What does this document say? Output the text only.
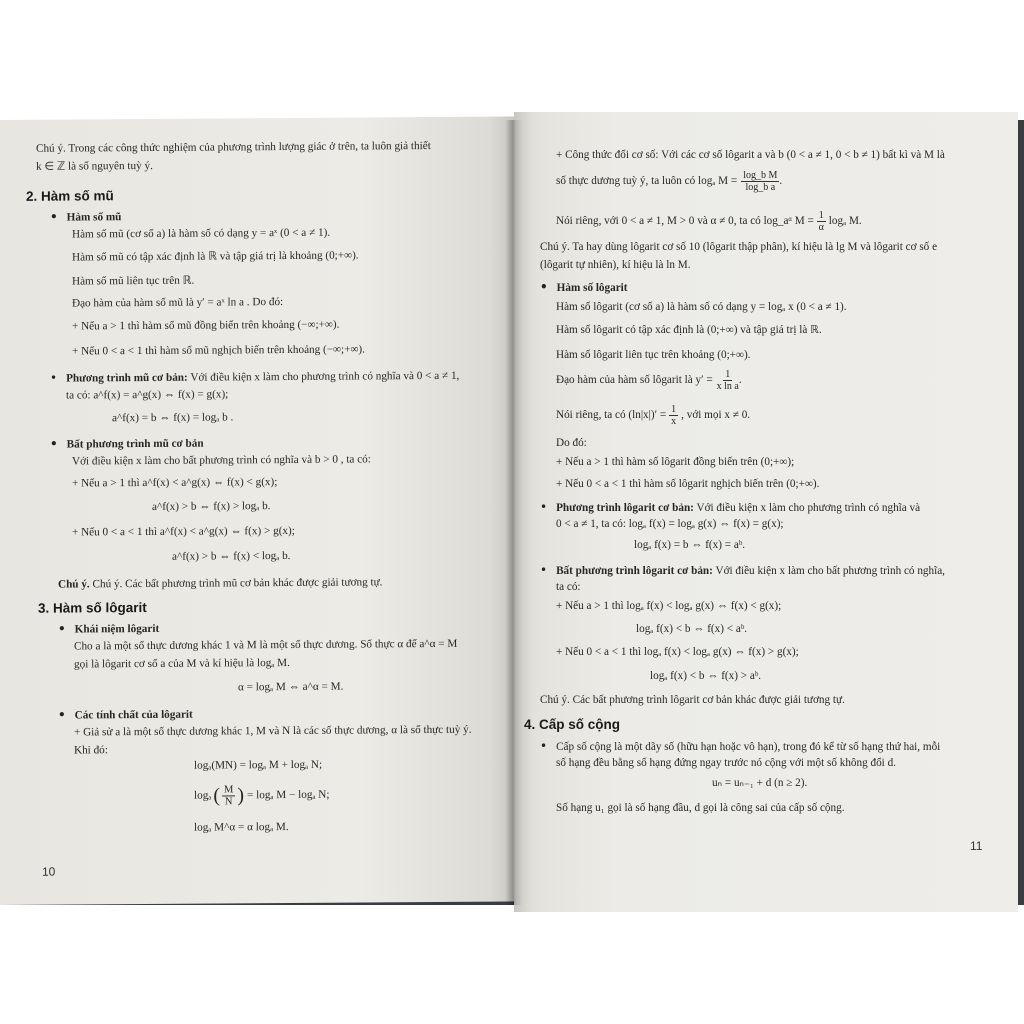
Chú ý. Trong các công thức nghiệm của phương trình lượng giác ở trên, ta luôn giả thiết
k ∈ ℤ là số nguyên tuỳ ý.
2. Hàm số mũ
• Hàm số mũ
Hàm số mũ (cơ số a) là hàm số có dạng y = aˣ (0 < a ≠ 1).
Hàm số mũ có tập xác định là ℝ và tập giá trị là khoảng (0;+∞).
Hàm số mũ liên tục trên ℝ.
Đạo hàm của hàm số mũ là y′ = aˣ ln a . Do đó:
+ Nếu a > 1 thì hàm số mũ đồng biến trên khoảng (−∞;+∞).
+ Nếu 0 < a < 1 thì hàm số mũ nghịch biến trên khoảng (−∞;+∞).
• Phương trình mũ cơ bản: Với điều kiện x làm cho phương trình có nghĩa và 0 < a ≠ 1,
ta có: a^f(x) = a^g(x) ⇔ f(x) = g(x);
a^f(x) = b ⇔ f(x) = logₐ b .
• Bất phương trình mũ cơ bản
Với điều kiện x làm cho bất phương trình có nghĩa và b > 0 , ta có:
+ Nếu a > 1 thì a^f(x) < a^g(x) ⇔ f(x) < g(x);
a^f(x) > b ⇔ f(x) > logₐ b.
+ Nếu 0 < a < 1 thì a^f(x) < a^g(x) ⇔ f(x) > g(x);
a^f(x) > b ⇔ f(x) < logₐ b.
Chú ý. Chú ý. Các bất phương trình mũ cơ bản khác được giải tương tự.
3. Hàm số lôgarit
• Khái niệm lôgarit
Cho a là một số thực dương khác 1 và M là một số thực dương. Số thực α để a^α = M
gọi là lôgarit cơ số a của M và kí hiệu là logₐ M.
α = logₐ M ⇔ a^α = M.
• Các tính chất của lôgarit
+ Giả sử a là một số thực dương khác 1, M và N là các số thực dương, α là số thực tuỳ ý.
Khi đó:
logₐ(MN) = logₐ M + logₐ N;
logₐ ( $\frac{M}{N}$ ) = logₐ M − logₐ N;
logₐ M^α = α logₐ M.
10
+ Công thức đổi cơ số: Với các cơ số lôgarit a và b (0 < a ≠ 1, 0 < b ≠ 1) bất kì và M là
số thực dương tuỳ ý, ta luôn có logₐ $M = \frac{\text{log\_b M}}{\text{log\_b a}}$ .
Nói riêng, với 0 < a ≠ 1, M > 0 và α ≠ 0, ta có log_aᵅ $M = \frac{1}{\alpha}$ logₐ M.
Chú ý. Ta hay dùng lôgarit cơ số 10 (lôgarit thập phân), kí hiệu là lg M và lôgarit cơ số e
(lôgarit tự nhiên), kí hiệu là ln M.
• Hàm số lôgarit
Hàm số lôgarit (cơ số a) là hàm số có dạng y = logₐ x (0 < a ≠ 1).
Hàm số lôgarit có tập xác định là (0;+∞) và tập giá trị là ℝ.
Hàm số lôgarit liên tục trên khoảng (0;+∞).
Đạo hàm của hàm số lôgarit là $y' = \frac{1}{\text{x ln a}}$ .
Nói riêng, ta có $(\ln|x|)' = \frac{1}{x}$ , với mọi x ≠ 0.
Do đó:
+ Nếu a > 1 thì hàm số lôgarit đồng biến trên (0;+∞);
+ Nếu 0 < a < 1 thì hàm số lôgarit nghịch biến trên (0;+∞).
• Phương trình lôgarit cơ bản: Với điều kiện x làm cho phương trình có nghĩa và
0 < a ≠ 1, ta có: logₐ f(x) = logₐ g(x) ⇔ f(x) = g(x);
logₐ f(x) = b ⇔ f(x) = aᵇ.
• Bất phương trình lôgarit cơ bản: Với điều kiện x làm cho bất phương trình có nghĩa,
ta có:
+ Nếu a > 1 thì logₐ f(x) < logₐ g(x) ⇔ f(x) < g(x);
logₐ f(x) < b ⇔ f(x) < aᵇ.
+ Nếu 0 < a < 1 thì logₐ f(x) < logₐ g(x) ⇔ f(x) > g(x);
logₐ f(x) < b ⇔ f(x) > aᵇ.
Chú ý. Các bất phương trình lôgarit cơ bản khác được giải tương tự.
4. Cấp số cộng
• Cấp số cộng là một dãy số (hữu hạn hoặc vô hạn), trong đó kể từ số hạng thứ hai, mỗi
số hạng đều bằng số hạng đứng ngay trước nó cộng với một số không đổi d.
uₙ = uₙ₋₁ + d (n ≥ 2).
Số hạng u₁ gọi là số hạng đầu, d gọi là công sai của cấp số cộng.
11
